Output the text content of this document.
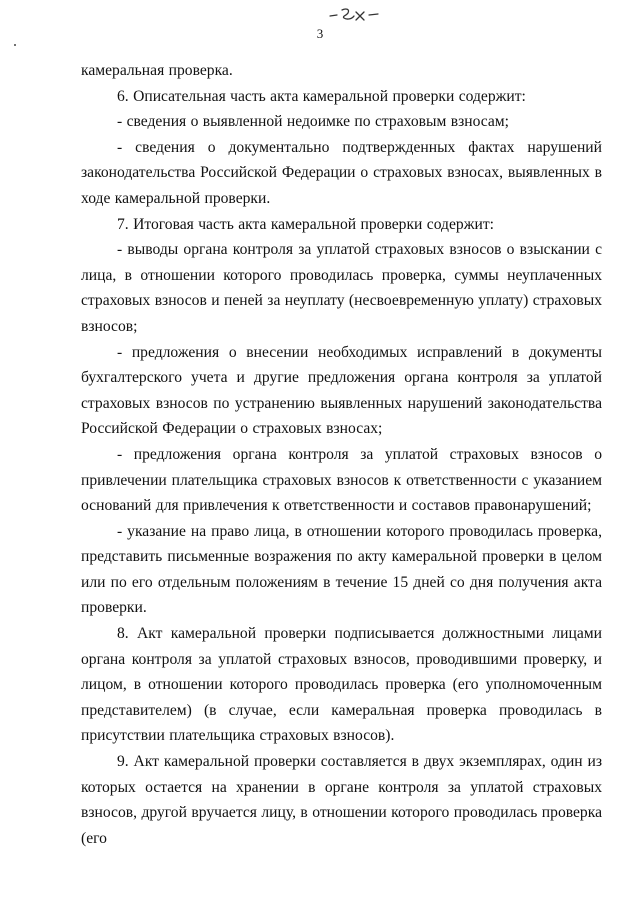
3

камеральная проверка.

6. Описательная часть акта камеральной проверки содержит:

- сведения о выявленной недоимке по страховым взносам;

- сведения о документально подтвержденных фактах нарушений законодательства Российской Федерации о страховых взносах, выявленных в ходе камеральной проверки.

7. Итоговая часть акта камеральной проверки содержит:

- выводы органа контроля за уплатой страховых взносов о взыскании с лица, в отношении которого проводилась проверка, суммы неуплаченных страховых взносов и пеней за неуплату (несвоевременную уплату) страховых взносов;

- предложения о внесении необходимых исправлений в документы бухгалтерского учета и другие предложения органа контроля за уплатой страховых взносов по устранению выявленных нарушений законодательства Российской Федерации о страховых взносах;

- предложения органа контроля за уплатой страховых взносов о привлечении плательщика страховых взносов к ответственности с указанием оснований для привлечения к ответственности и составов правонарушений;

- указание на право лица, в отношении которого проводилась проверка, представить письменные возражения по акту камеральной проверки в целом или по его отдельным положениям в течение 15 дней со дня получения акта проверки.

8. Акт камеральной проверки подписывается должностными лицами органа контроля за уплатой страховых взносов, проводившими проверку, и лицом, в отношении которого проводилась проверка (его уполномоченным представителем) (в случае, если камеральная проверка проводилась в присутствии плательщика страховых взносов).

9. Акт камеральной проверки составляется в двух экземплярах, один из которых остается на хранении в органе контроля за уплатой страховых взносов, другой вручается лицу, в отношении которого проводилась проверка (его
